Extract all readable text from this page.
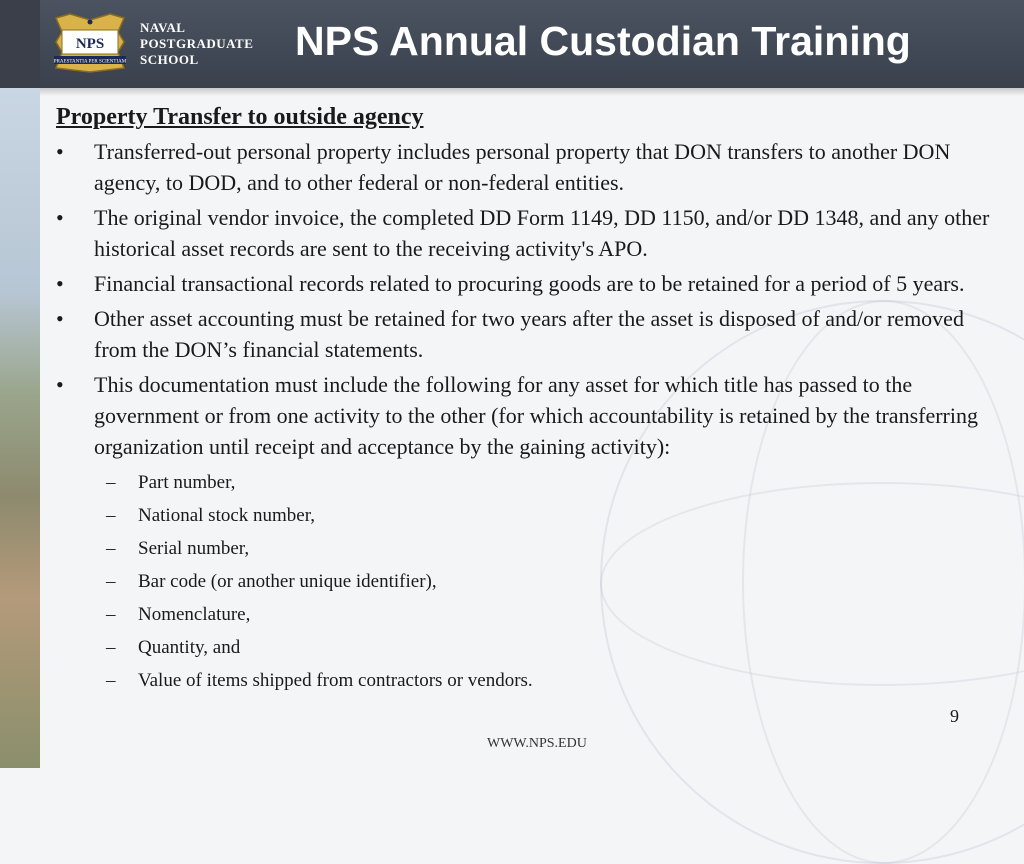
NPS
PRAESTANTIA PER SCIENTIAM
NAVAL
POSTGRADUATE
SCHOOL	NPS Annual Custodian Training
Property Transfer to outside agency
•	Transferred-out personal property includes personal property that DON transfers to another DON agency, to DOD, and to other federal or non-federal entities.
•	The original vendor invoice, the completed DD Form 1149, DD 1150, and/or DD 1348, and any other historical asset records are sent to the receiving activity's APO.
•	Financial transactional records related to procuring goods are to be retained for a period of 5 years.
•	Other asset accounting must be retained for two years after the asset is disposed of and/or removed from the DON’s financial statements.
•	This documentation must include the following for any asset for which title has passed to the government or from one activity to the other (for which accountability is retained by the transferring organization until receipt and acceptance by the gaining activity):
– Part number,
– National stock number,
– Serial number,
– Bar code (or another unique identifier),
– Nomenclature,
– Quantity, and
– Value of items shipped from contractors or vendors.
9
WWW.NPS.EDU
